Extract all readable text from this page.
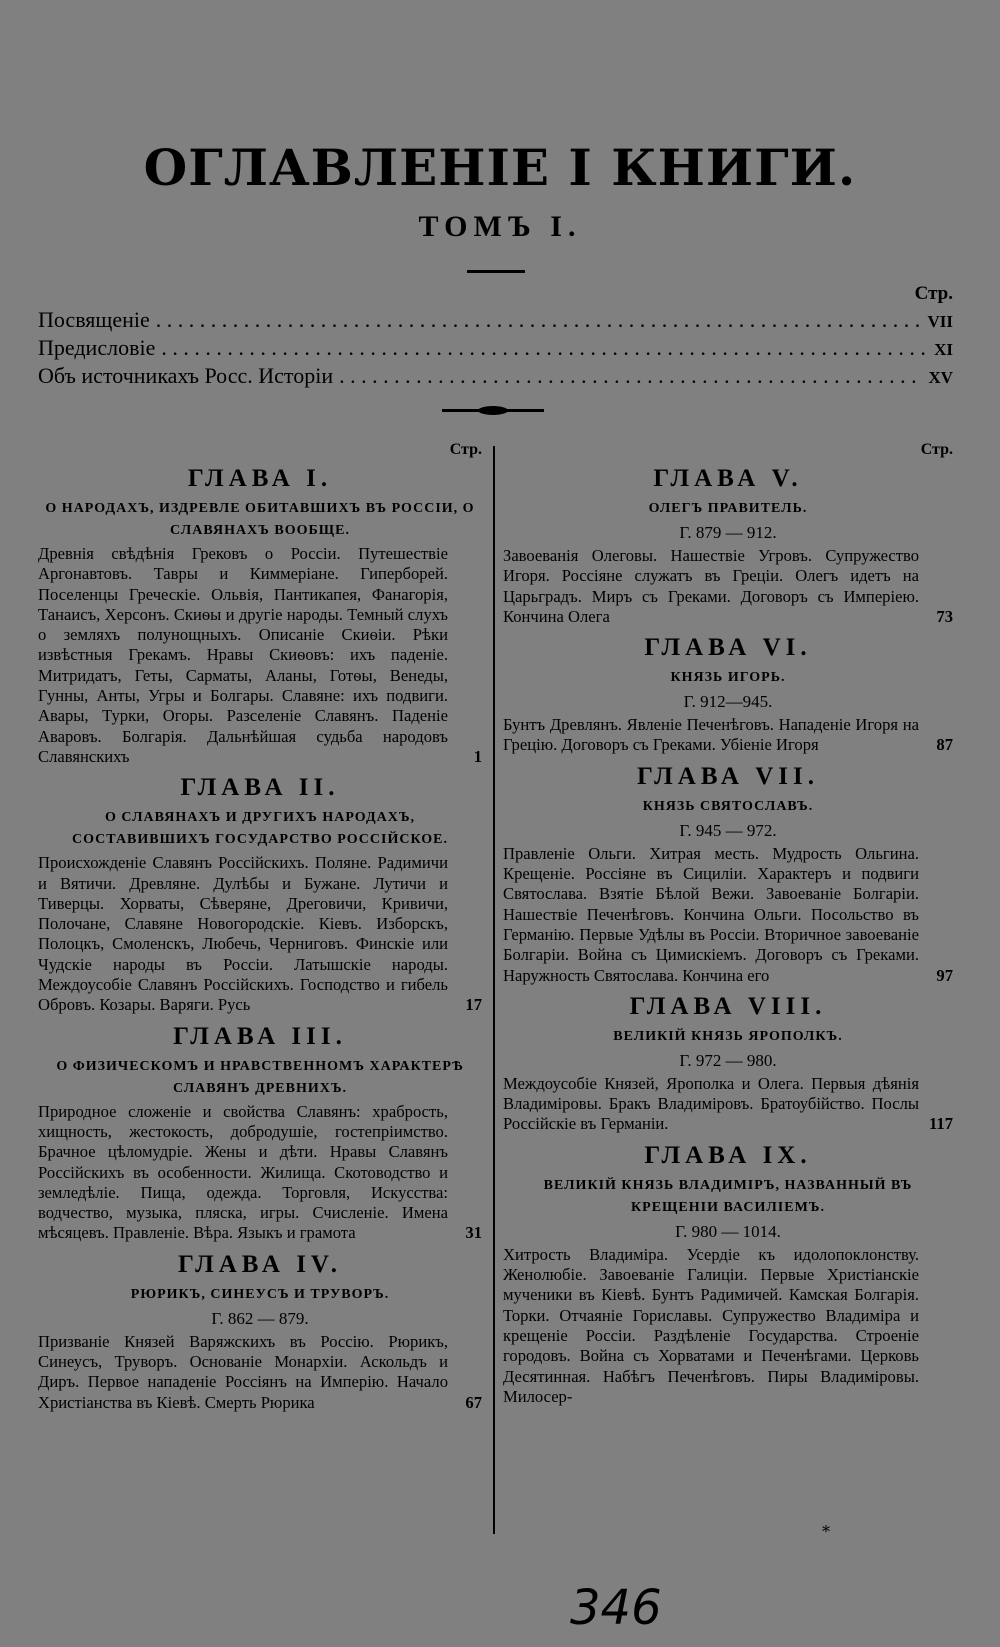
ОГЛАВЛЕНІЕ I КНИГИ.
ТОМЪ I.
Стр.
Посвященіе . . .	VII
Предисловіе . . .	XI
Объ источникахъ Росс. Исторіи . . .	XV
Стр.
ГЛАВА I.
О НАРОДАХЪ, ИЗДРЕВЛЕ ОБИТАВШИХЪ ВЪ РОССІИ, О СЛАВЯНАХЪ ВООБЩЕ.
Древнія свѣдѣнія Грековъ о Россіи. Путешествіе Аргонавтовъ. Тавры и Киммеріане. Гиперборей. Поселенцы Греческіе. Ольвія, Пантикапея, Фанагорія, Танаисъ, Херсонъ. Скиѳы и другіе народы. Темный слухъ о земляхъ полунощныхъ. Описаніе Скиѳіи. Рѣки извѣстныя Грекамъ. Нравы Скиѳовъ: ихъ паденіе. Митридатъ, Геты, Сарматы, Аланы, Готѳы, Венеды, Гунны, Анты, Угры и Болгары. Славяне: ихъ подвиги. Авары, Турки, Огоры. Разселеніе Славянъ. Паденіе Аваровъ. Болгарія. Дальнѣйшая судьба народовъ Славянскихъ	1
ГЛАВА II.
О СЛАВЯНАХЪ И ДРУГИХЪ НАРОДАХЪ, СОСТАВИВШИХЪ ГОСУДАРСТВО РОССІЙСКОЕ.
Происхожденіе Славянъ Россійскихъ. Поляне. Радимичи и Вятичи. Древляне. Дулѣбы и Бужане. Лутичи и Тиверцы. Хорваты, Сѣверяне, Дреговичи, Кривичи, Полочане, Славяне Новогородскіе. Кіевъ. Изборскъ, Полоцкъ, Смоленскъ, Любечь, Черниговъ. Финскіе или Чудскіе народы въ Россіи. Латышскіе народы. Междоусобіе Славянъ Россійскихъ. Господство и гибель Обровъ. Козары. Варяги. Русь	17
ГЛАВА III.
О ФИЗИЧЕСКОМЪ И НРАВСТВЕННОМЪ ХАРАКТЕРѢ СЛАВЯНЪ ДРЕВНИХЪ.
Природное сложеніе и свойства Славянъ: храбрость, хищность, жестокость, добродушіе, гостепріимство. Брачное цѣломудріе. Жены и дѣти. Нравы Славянъ Россійскихъ въ особенности. Жилища. Скотоводство и земледѣліе. Пища, одежда. Торговля, Искусства: водчество, музыка, пляска, игры. Счисленіе. Имена мѣсяцевъ. Правленіе. Вѣра. Языкъ и грамота	31
ГЛАВА IV.
РЮРИКЪ, СИНЕУСЪ И ТРУВОРЪ.
Г. 862 — 879.
Призваніе Князей Варяжскихъ въ Россію. Рюрикъ, Синеусъ, Труворъ. Основаніе Монархіи. Аскольдъ и Диръ. Первое нападеніе Россіянъ на Имперію. Начало Христіанства въ Кіевѣ. Смерть Рюрика	67
Стр.
ГЛАВА V.
ОЛЕГЪ ПРАВИТЕЛЬ.
Г. 879 — 912.
Завоеванія Олеговы. Нашествіе Угровъ. Супружество Игоря. Россіяне служатъ въ Греціи. Олегъ идетъ на Царьградъ. Миръ съ Греками. Договоръ съ Имперіею. Кончина Олега	73
ГЛАВА VI.
КНЯЗЬ ИГОРЬ.
Г. 912—945.
Бунтъ Древлянъ. Явленіе Печенѣговъ. Нападеніе Игоря на Грецію. Договоръ съ Греками. Убіеніе Игоря	87
ГЛАВА VII.
КНЯЗЬ СВЯТОСЛАВЪ.
Г. 945 — 972.
Правленіе Ольги. Хитрая месть. Мудрость Ольгина. Крещеніе. Россіяне въ Сициліи. Характеръ и подвиги Святослава. Взятіе Бѣлой Вежи. Завоеваніе Болгаріи. Нашествіе Печенѣговъ. Кончина Ольги. Посольство въ Германію. Первые Удѣлы въ Россіи. Вторичное завоеваніе Болгаріи. Война съ Цимискіемъ. Договоръ съ Греками. Наружность Святослава. Кончина его	97
ГЛАВА VIII.
ВЕЛИКІЙ КНЯЗЬ ЯРОПОЛКЪ.
Г. 972 — 980.
Междоусобіе Князей, Ярополка и Олега. Первыя дѣянія Владиміровы. Бракъ Владиміровъ. Братоубійство. Послы Россійскіе въ Германіи.	117
ГЛАВА IX.
ВЕЛИКІЙ КНЯЗЬ ВЛАДИМІРЪ, НАЗВАННЫЙ ВЪ КРЕЩЕНІИ ВАСИЛІЕМЪ.
Г. 980 — 1014.
Хитрость Владиміра. Усердіе къ идолопоклонству. Женолюбіе. Завоеваніе Галиціи. Первые Христіанскіе мученики въ Кіевѣ. Бунтъ Радимичей. Камская Болгарія. Торки. Отчаяніе Гориславы. Супружество Владиміра и крещеніе Россіи. Раздѣленіе Государства. Строеніе городовъ. Война съ Хорватами и Печенѣгами. Церковь Десятинная. Набѣгъ Печенѣговъ. Пиры Владиміровы. Милосер-
*
346
